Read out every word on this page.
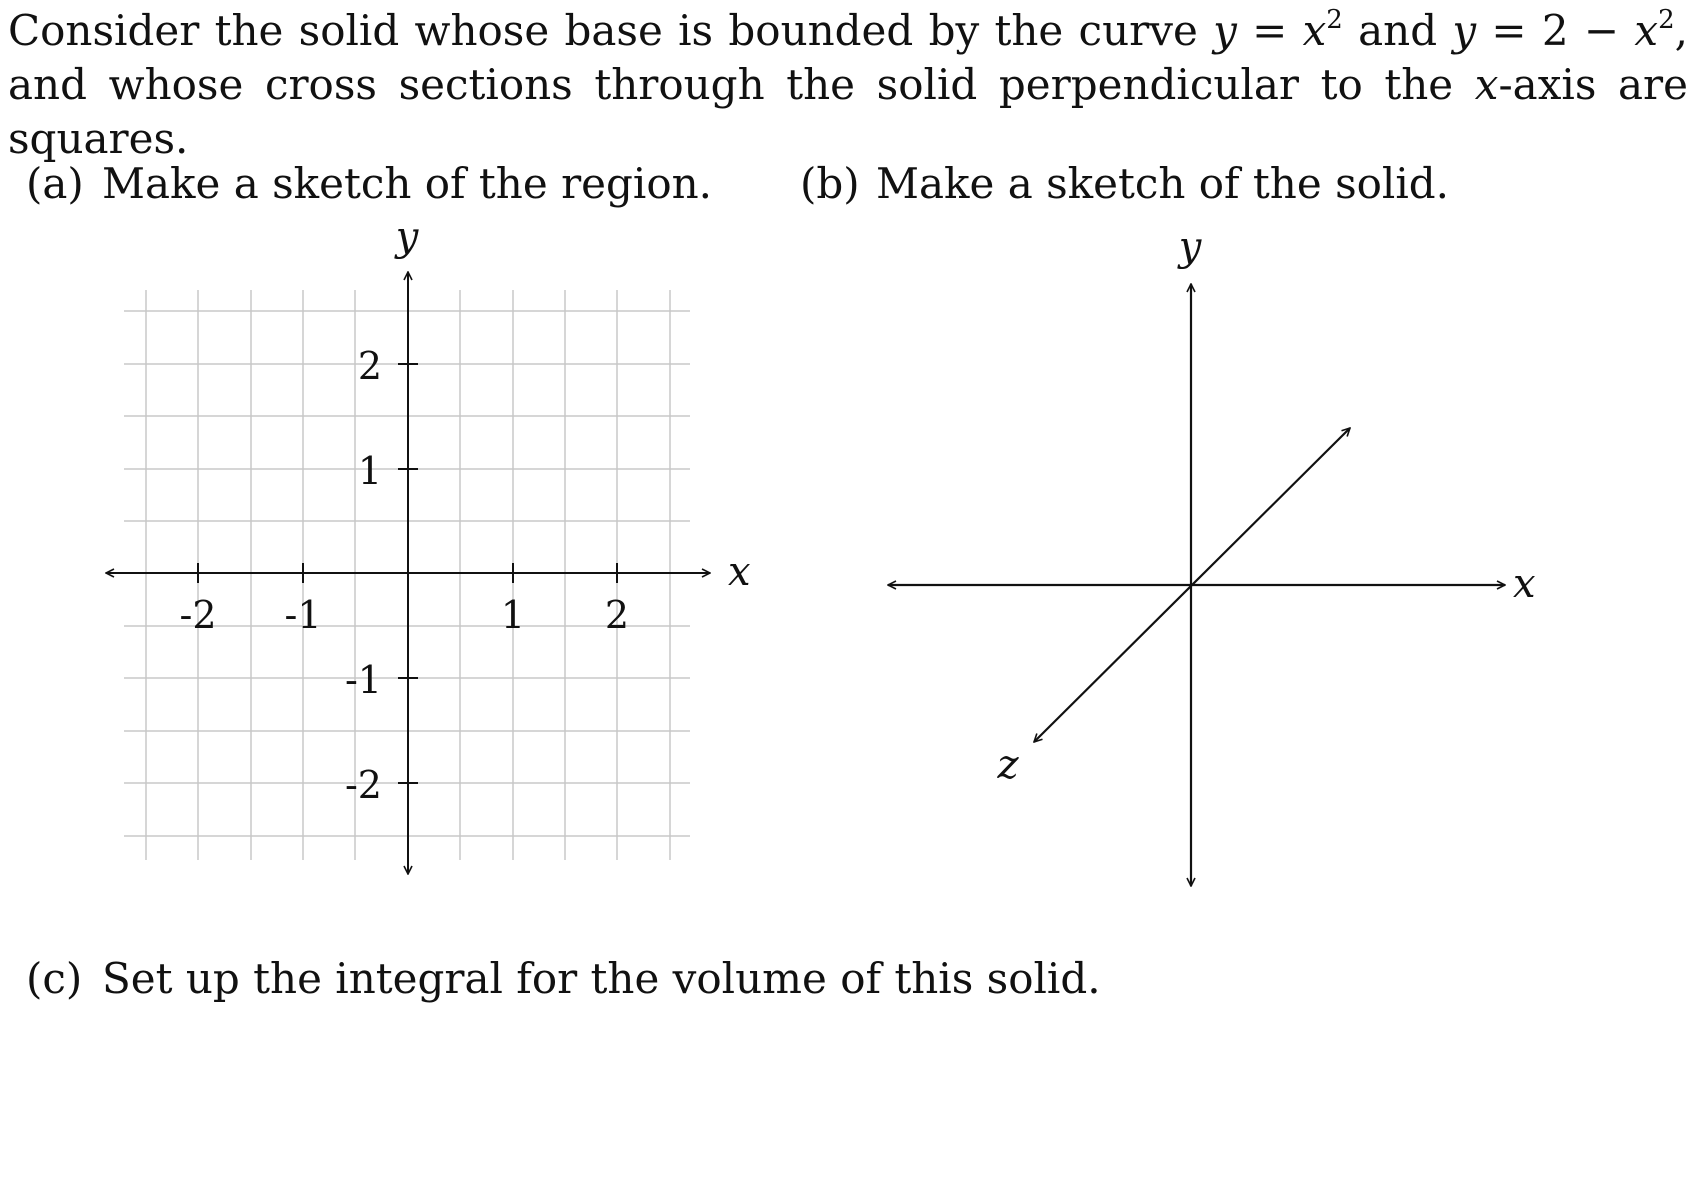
Consider the solid whose base is bounded by the curve $y = x^2$ and $y = 2 - x^2$, and whose cross sections through the solid perpendicular to the x-axis are squares.

(a) Make a sketch of the region. (b) Make a sketch of the solid.
(c) Set up the integral for the volume of this solid.
-2 -1	1 2
2
1
-1
-2
x
y
x
y
z
